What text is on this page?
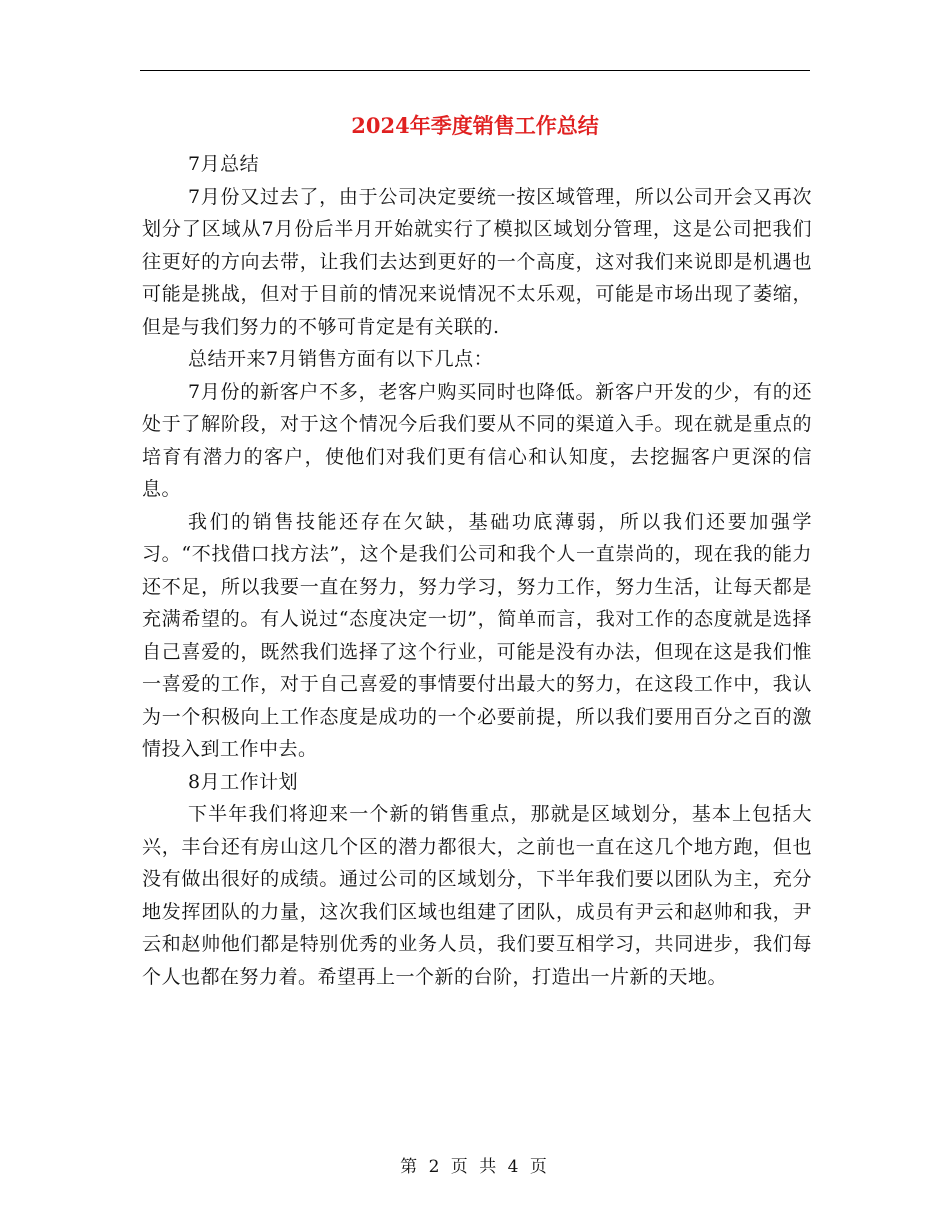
2024年季度销售工作总结

7月总结

7月份又过去了，由于公司决定要统一按区域管理，所以公司开会又再次划分了区域从7月份后半月开始就实行了模拟区域划分管理，这是公司把我们往更好的方向去带，让我们去达到更好的一个高度，这对我们来说即是机遇也可能是挑战，但对于目前的情况来说情况不太乐观，可能是市场出现了萎缩，但是与我们努力的不够可肯定是有关联的.

总结开来7月销售方面有以下几点：

7月份的新客户不多，老客户购买同时也降低。新客户开发的少，有的还处于了解阶段，对于这个情况今后我们要从不同的渠道入手。现在就是重点的培育有潜力的客户，使他们对我们更有信心和认知度，去挖掘客户更深的信息。

我们的销售技能还存在欠缺，基础功底薄弱，所以我们还要加强学习。“不找借口找方法”，这个是我们公司和我个人一直崇尚的，现在我的能力还不足，所以我要一直在努力，努力学习，努力工作，努力生活，让每天都是充满希望的。有人说过“态度决定一切”，简单而言，我对工作的态度就是选择自己喜爱的，既然我们选择了这个行业，可能是没有办法，但现在这是我们惟一喜爱的工作，对于自己喜爱的事情要付出最大的努力，在这段工作中，我认为一个积极向上工作态度是成功的一个必要前提，所以我们要用百分之百的激情投入到工作中去。

8月工作计划

下半年我们将迎来一个新的销售重点，那就是区域划分，基本上包括大兴，丰台还有房山这几个区的潜力都很大，之前也一直在这几个地方跑，但也没有做出很好的成绩。通过公司的区域划分，下半年我们要以团队为主，充分地发挥团队的力量，这次我们区域也组建了团队，成员有尹云和赵帅和我，尹云和赵帅他们都是特别优秀的业务人员，我们要互相学习，共同进步，我们每个人也都在努力着。希望再上一个新的台阶，打造出一片新的天地。

第 2 页 共 4 页
